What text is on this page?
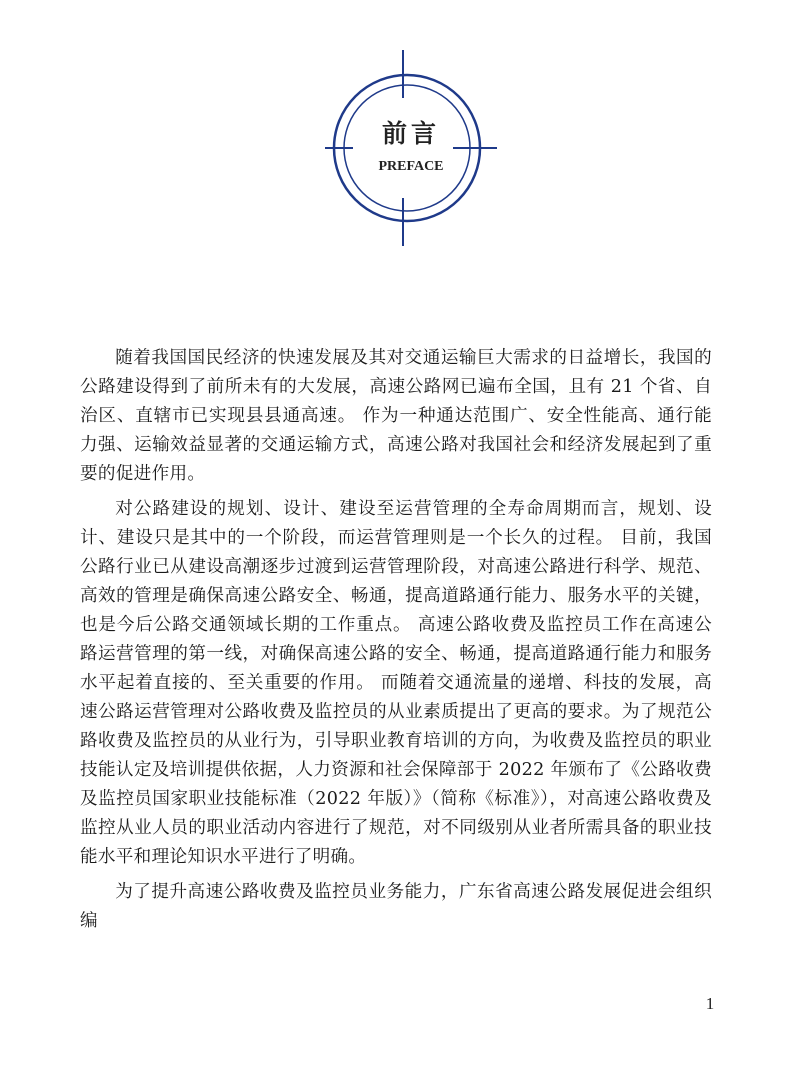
前言
PREFACE

随着我国国民经济的快速发展及其对交通运输巨大需求的日益增长，我国的公路建设得到了前所未有的大发展，高速公路网已遍布全国，且有 21 个省、自治区、直辖市已实现县县通高速。 作为一种通达范围广、安全性能高、通行能力强、运输效益显著的交通运输方式，高速公路对我国社会和经济发展起到了重要的促进作用。

对公路建设的规划、设计、建设至运营管理的全寿命周期而言，规划、设计、建设只是其中的一个阶段，而运营管理则是一个长久的过程。 目前，我国公路行业已从建设高潮逐步过渡到运营管理阶段，对高速公路进行科学、规范、高效的管理是确保高速公路安全、畅通，提高道路通行能力、服务水平的关键，也是今后公路交通领域长期的工作重点。 高速公路收费及监控员工作在高速公路运营管理的第一线，对确保高速公路的安全、畅通，提高道路通行能力和服务水平起着直接的、至关重要的作用。 而随着交通流量的递增、科技的发展，高速公路运营管理对公路收费及监控员的从业素质提出了更高的要求。为了规范公路收费及监控员的从业行为，引导职业教育培训的方向，为收费及监控员的职业技能认定及培训提供依据，人力资源和社会保障部于 2022 年颁布了《公路收费及监控员国家职业技能标准（2022 年版）》（简称《标准》），对高速公路收费及监控从业人员的职业活动内容进行了规范，对不同级别从业者所需具备的职业技能水平和理论知识水平进行了明确。

为了提升高速公路收费及监控员业务能力，广东省高速公路发展促进会组织编

1
